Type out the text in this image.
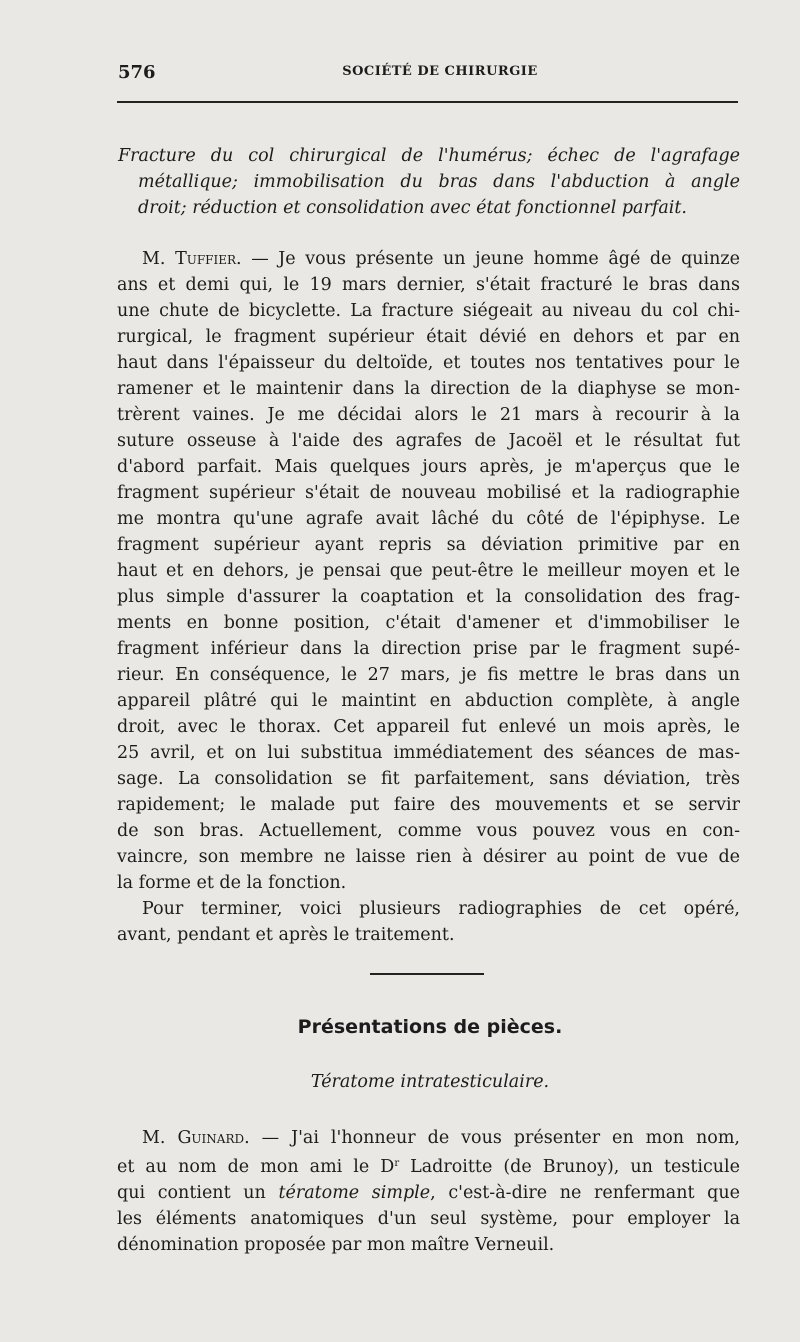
576	SOCIÉTÉ DE CHIRURGIE
Fracture du col chirurgical de l'humérus; échec de l'agrafage
métallique; immobilisation du bras dans l'abduction à angle
droit; réduction et consolidation avec état fonctionnel parfait.
M. Tuffier. — Je vous présente un jeune homme âgé de quinze
ans et demi qui, le 19 mars dernier, s'était fracturé le bras dans
une chute de bicyclette. La fracture siégeait au niveau du col chi-
rurgical, le fragment supérieur était dévié en dehors et par en
haut dans l'épaisseur du deltoïde, et toutes nos tentatives pour le
ramener et le maintenir dans la direction de la diaphyse se mon-
trèrent vaines. Je me décidai alors le 21 mars à recourir à la
suture osseuse à l'aide des agrafes de Jacoël et le résultat fut
d'abord parfait. Mais quelques jours après, je m'aperçus que le
fragment supérieur s'était de nouveau mobilisé et la radiographie
me montra qu'une agrafe avait lâché du côté de l'épiphyse. Le
fragment supérieur ayant repris sa déviation primitive par en
haut et en dehors, je pensai que peut-être le meilleur moyen et le
plus simple d'assurer la coaptation et la consolidation des frag-
ments en bonne position, c'était d'amener et d'immobiliser le
fragment inférieur dans la direction prise par le fragment supé-
rieur. En conséquence, le 27 mars, je fis mettre le bras dans un
appareil plâtré qui le maintint en abduction complète, à angle
droit, avec le thorax. Cet appareil fut enlevé un mois après, le
25 avril, et on lui substitua immédiatement des séances de mas-
sage. La consolidation se fit parfaitement, sans déviation, très
rapidement; le malade put faire des mouvements et se servir
de son bras. Actuellement, comme vous pouvez vous en con-
vaincre, son membre ne laisse rien à désirer au point de vue de
la forme et de la fonction.
Pour terminer, voici plusieurs radiographies de cet opéré,
avant, pendant et après le traitement.
Présentations de pièces.
Tératome intratesticulaire.
M. Guinard. — J'ai l'honneur de vous présenter en mon nom,
et au nom de mon ami le $D^r$ Ladroitte (de Brunoy), un testicule
qui contient un tératome simple, c'est-à-dire ne renfermant que
les éléments anatomiques d'un seul système, pour employer la
dénomination proposée par mon maître Verneuil.
